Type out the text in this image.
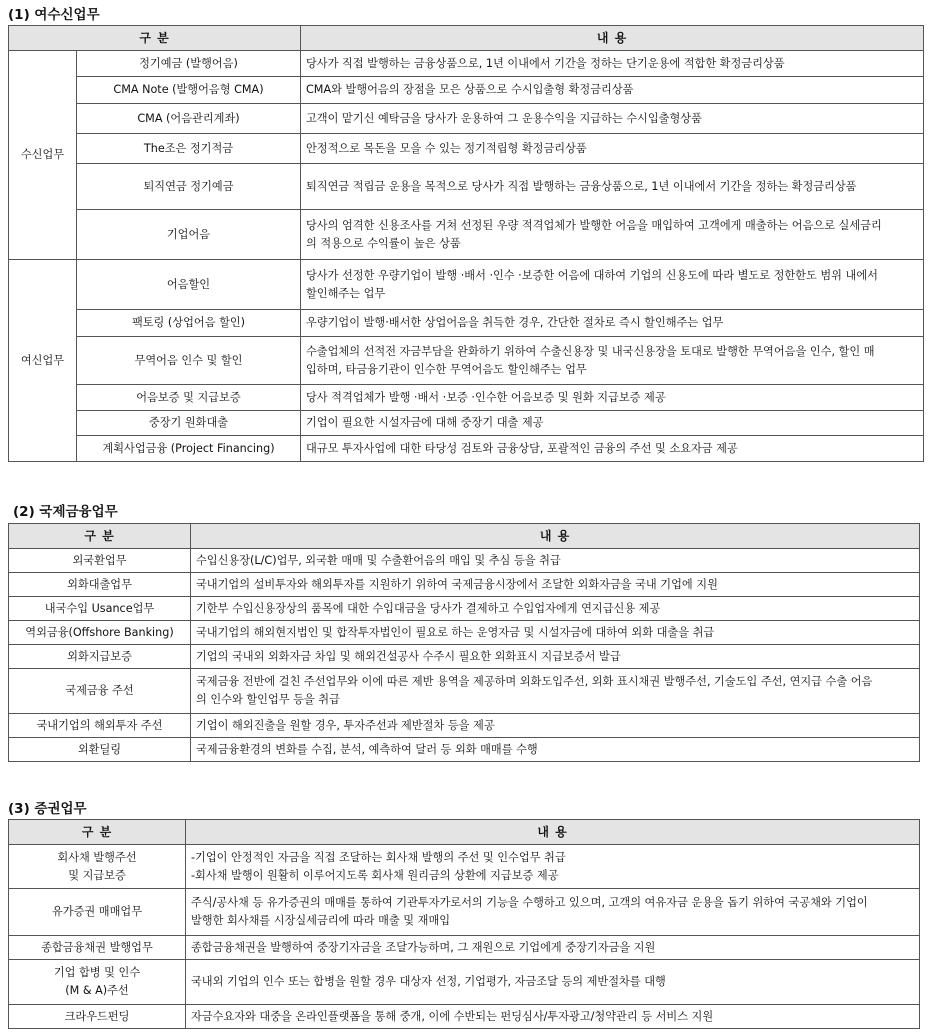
(1) 여수신업무
구 분		내 용
수신업무	정기예금 (발행어음)	당사가 직접 발행하는 금융상품으로, 1년 이내에서 기간을 정하는 단기운용에 적합한 확정금리상품
	CMA Note (발행어음형 CMA)	CMA와 발행어음의 장점을 모은 상품으로 수시입출형 확정금리상품
	CMA (어음관리계좌)	고객이 맡기신 예탁금을 당사가 운용하여 그 운용수익을 지급하는 수시입출형상품
	The조은 정기적금	안정적으로 목돈을 모을 수 있는 정기적립형 확정금리상품
	퇴직연금 정기예금	퇴직연금 적립금 운용을 목적으로 당사가 직접 발행하는 금융상품으로, 1년 이내에서 기간을 정하는 확정금리상품
	기업어음	당사의 엄격한 신용조사를 거쳐 선정된 우량 적격업체가 발행한 어음을 매입하여 고객에게 매출하는 어음으로 실세금리
의 적용으로 수익률이 높은 상품
여신업무	어음할인	당사가 선정한 우량기업이 발행 ·배서 ·인수 ·보증한 어음에 대하여 기업의 신용도에 따라 별도로 정한한도 범위 내에서
할인해주는 업무
	팩토링 (상업어음 할인)	우량기업이 발행·배서한 상업어음을 취득한 경우, 간단한 절차로 즉시 할인해주는 업무
	무역어음 인수 및 할인	수출업체의 선적전 자금부담을 완화하기 위하여 수출신용장 및 내국신용장을 토대로 발행한 무역어음을 인수, 할인 매
입하며, 타금융기관이 인수한 무역어음도 할인해주는 업무
	어음보증 및 지급보증	당사 적격업체가 발행 ·배서 ·보증 ·인수한 어음보증 및 원화 지급보증 제공
	중장기 원화대출	기업이 필요한 시설자금에 대해 중장기 대출 제공
	계획사업금융 (Project Financing)	대규모 투자사업에 대한 타당성 검토와 금융상담, 포괄적인 금융의 주선 및 소요자금 제공
(2) 국제금융업무
구 분	내 용
외국환업무	수입신용장(L/C)업무, 외국환 매매 및 수출환어음의 매입 및 추심 등을 취급
외화대출업무	국내기업의 설비투자와 해외투자를 지원하기 위하여 국제금융시장에서 조달한 외화자금을 국내 기업에 지원
내국수입 Usance업무	기한부 수입신용장상의 품목에 대한 수입대금을 당사가 결제하고 수입업자에게 연지급신용 제공
역외금융(Offshore Banking)	국내기업의 해외현지법인 및 합작투자법인이 필요로 하는 운영자금 및 시설자금에 대하여 외화 대출을 취급
외화지급보증	기업의 국내외 외화자금 차입 및 해외건설공사 수주시 필요한 외화표시 지급보증서 발급
국제금융 주선	국제금융 전반에 걸친 주선업무와 이에 따른 제반 용역을 제공하며 외화도입주선, 외화 표시채권 발행주선, 기술도입 주선, 연지급 수출 어음
의 인수와 할인업무 등을 취급
국내기업의 해외투자 주선	기업이 해외진출을 원할 경우, 투자주선과 제반절차 등을 제공
외환딜링	국제금융환경의 변화를 수집, 분석, 예측하여 달러 등 외화 매매를 수행
(3) 증권업무
구 분	내 용
회사채 발행주선
및 지급보증	-기업이 안정적인 자금을 직접 조달하는 회사채 발행의 주선 및 인수업무 취급
-회사채 발행이 원활히 이루어지도록 회사채 원리금의 상환에 지급보증 제공
유가증권 매매업무	주식/공사채 등 유가증권의 매매를 통하여 기관투자가로서의 기능을 수행하고 있으며, 고객의 여유자금 운용을 돕기 위하여 국공채와 기업이
발행한 회사채를 시장실세금리에 따라 매출 및 재매입
종합금융채권 발행업무	종합금융채권을 발행하여 중장기자금을 조달가능하며, 그 재원으로 기업에게 중장기자금을 지원
기업 합병 및 인수
(M & A)주선	국내외 기업의 인수 또는 합병을 원할 경우 대상자 선정, 기업평가, 자금조달 등의 제반절차를 대행
크라우드펀딩	자금수요자와 대중을 온라인플랫폼을 통해 중개, 이에 수반되는 펀딩심사/투자광고/청약관리 등 서비스 지원
